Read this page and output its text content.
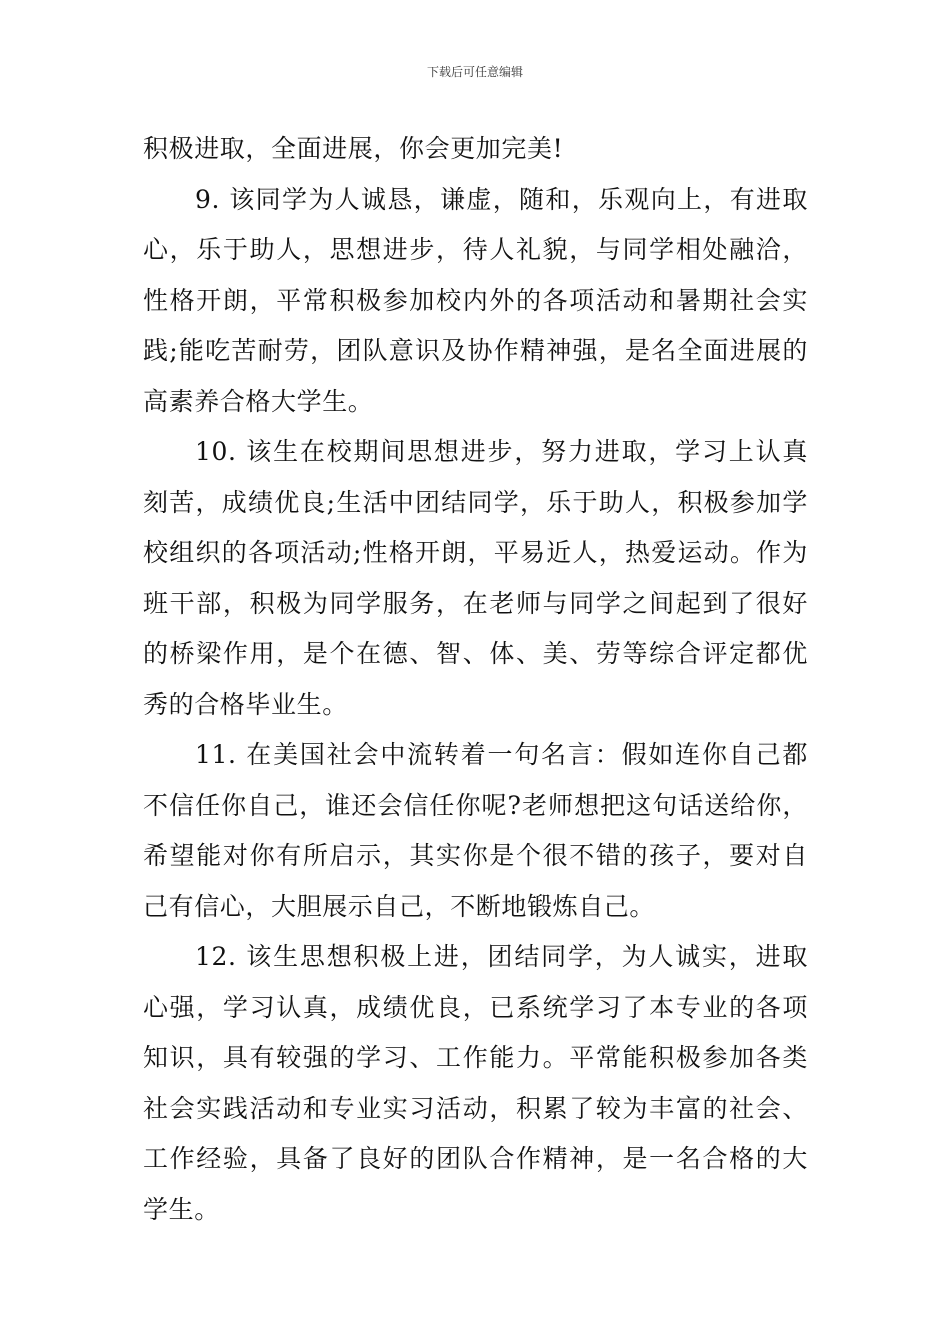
下载后可任意编辑

积极进取，全面进展，你会更加完美!

9. 该同学为人诚恳，谦虚，随和，乐观向上，有进取心，乐于助人，思想进步，待人礼貌，与同学相处融洽，性格开朗，平常积极参加校内外的各项活动和暑期社会实践;能吃苦耐劳，团队意识及协作精神强，是名全面进展的高素养合格大学生。

10. 该生在校期间思想进步，努力进取，学习上认真刻苦，成绩优良;生活中团结同学，乐于助人，积极参加学校组织的各项活动;性格开朗，平易近人，热爱运动。作为班干部，积极为同学服务，在老师与同学之间起到了很好的桥梁作用，是个在德、智、体、美、劳等综合评定都优秀的合格毕业生。

11. 在美国社会中流转着一句名言：假如连你自己都不信任你自己，谁还会信任你呢?老师想把这句话送给你，希望能对你有所启示，其实你是个很不错的孩子，要对自己有信心，大胆展示自己，不断地锻炼自己。

12. 该生思想积极上进，团结同学，为人诚实，进取心强，学习认真，成绩优良，已系统学习了本专业的各项知识，具有较强的学习、工作能力。平常能积极参加各类社会实践活动和专业实习活动，积累了较为丰富的社会、工作经验，具备了良好的团队合作精神，是一名合格的大学生。
